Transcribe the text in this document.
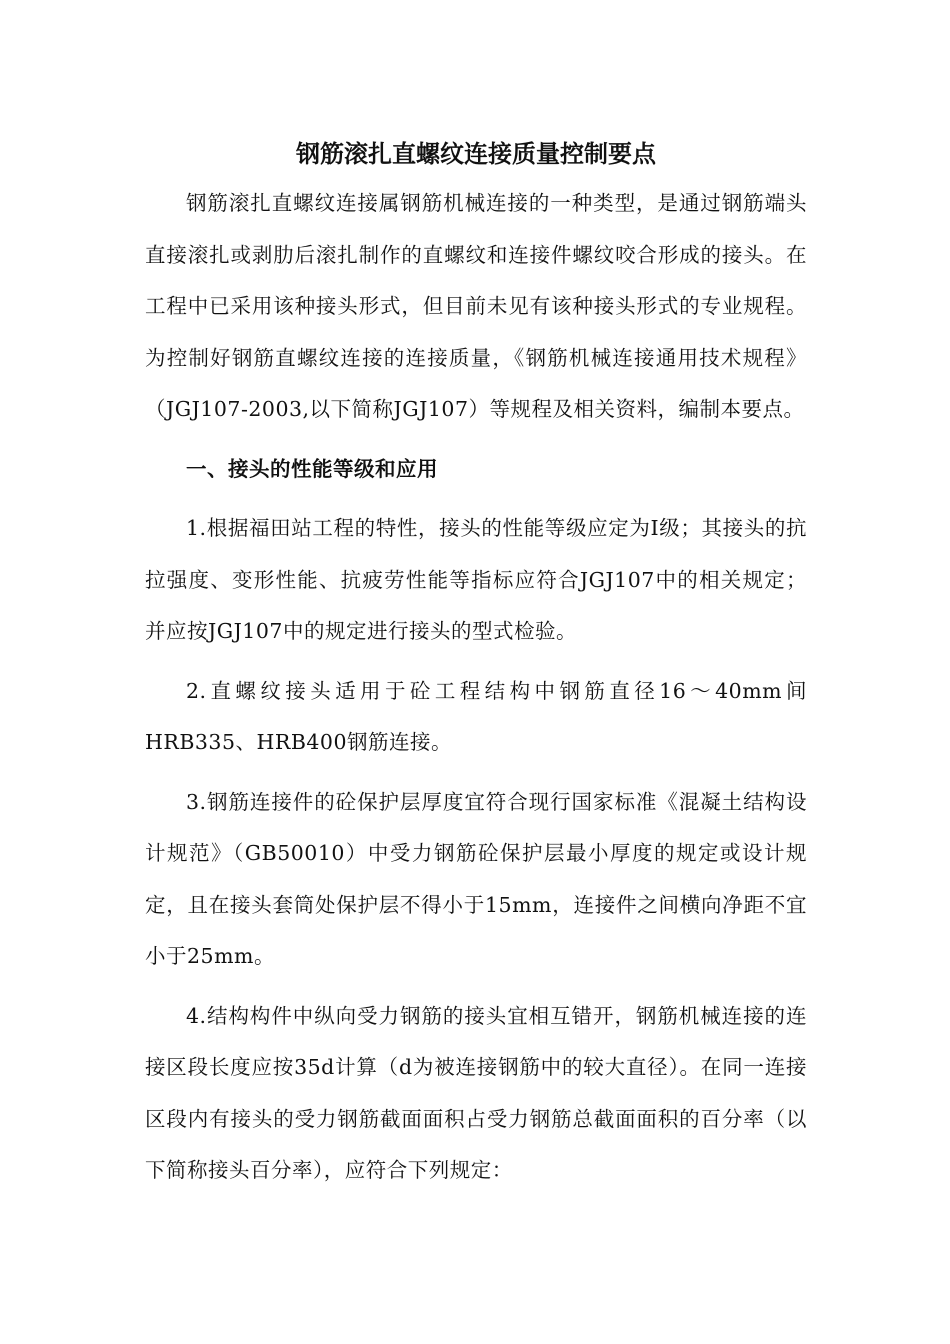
钢筋滚扎直螺纹连接质量控制要点

钢筋滚扎直螺纹连接属钢筋机械连接的一种类型，是通过钢筋端头直接滚扎或剥肋后滚扎制作的直螺纹和连接件螺纹咬合形成的接头。在工程中已采用该种接头形式，但目前未见有该种接头形式的专业规程。为控制好钢筋直螺纹连接的连接质量，《钢筋机械连接通用技术规程》（JGJ107-2003,以下简称JGJ107）等规程及相关资料，编制本要点。

一、接头的性能等级和应用

1.根据福田站工程的特性，接头的性能等级应定为Ⅰ级；其接头的抗拉强度、变形性能、抗疲劳性能等指标应符合JGJ107中的相关规定；并应按JGJ107中的规定进行接头的型式检验。

2.直螺纹接头适用于砼工程结构中钢筋直径16～40mm间HRB335、HRB400钢筋连接。

3.钢筋连接件的砼保护层厚度宜符合现行国家标准《混凝土结构设计规范》（GB50010）中受力钢筋砼保护层最小厚度的规定或设计规定，且在接头套筒处保护层不得小于15mm，连接件之间横向净距不宜小于25mm。

4.结构构件中纵向受力钢筋的接头宜相互错开，钢筋机械连接的连接区段长度应按35d计算（d为被连接钢筋中的较大直径）。在同一连接区段内有接头的受力钢筋截面面积占受力钢筋总截面面积的百分率（以下简称接头百分率），应符合下列规定：
